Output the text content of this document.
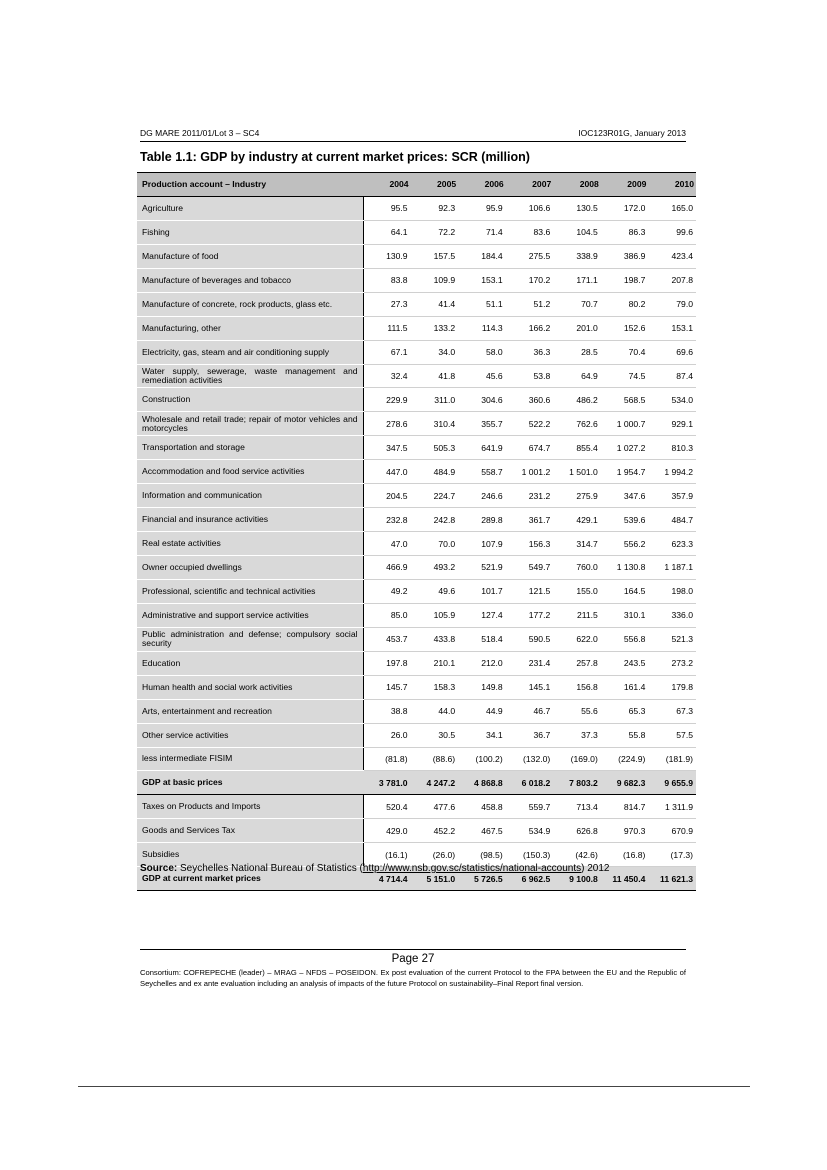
DG MARE 2011/01/Lot 3 – SC4	IOC123R01G, January 2013
Table 1.1: GDP by industry at current market prices: SCR (million)
Production account – Industry	2004	2005	2006	2007	2008	2009	2010
Agriculture	95.5	92.3	95.9	106.6	130.5	172.0	165.0
Fishing	64.1	72.2	71.4	83.6	104.5	86.3	99.6
Manufacture of food	130.9	157.5	184.4	275.5	338.9	386.9	423.4
Manufacture of beverages and tobacco	83.8	109.9	153.1	170.2	171.1	198.7	207.8
Manufacture of concrete, rock products, glass etc.	27.3	41.4	51.1	51.2	70.7	80.2	79.0
Manufacturing, other	111.5	133.2	114.3	166.2	201.0	152.6	153.1
Electricity, gas, steam and air conditioning supply	67.1	34.0	58.0	36.3	28.5	70.4	69.6
Water supply, sewerage, waste management and remediation activities	32.4	41.8	45.6	53.8	64.9	74.5	87.4
Construction	229.9	311.0	304.6	360.6	486.2	568.5	534.0
Wholesale and retail trade; repair of motor vehicles and motorcycles	278.6	310.4	355.7	522.2	762.6	1 000.7	929.1
Transportation and storage	347.5	505.3	641.9	674.7	855.4	1 027.2	810.3
Accommodation and food service activities	447.0	484.9	558.7	1 001.2	1 501.0	1 954.7	1 994.2
Information and communication	204.5	224.7	246.6	231.2	275.9	347.6	357.9
Financial and insurance activities	232.8	242.8	289.8	361.7	429.1	539.6	484.7
Real estate activities	47.0	70.0	107.9	156.3	314.7	556.2	623.3
Owner occupied dwellings	466.9	493.2	521.9	549.7	760.0	1 130.8	1 187.1
Professional, scientific and technical activities	49.2	49.6	101.7	121.5	155.0	164.5	198.0
Administrative and support service activities	85.0	105.9	127.4	177.2	211.5	310.1	336.0
Public administration and defense; compulsory social security	453.7	433.8	518.4	590.5	622.0	556.8	521.3
Education	197.8	210.1	212.0	231.4	257.8	243.5	273.2
Human health and social work activities	145.7	158.3	149.8	145.1	156.8	161.4	179.8
Arts, entertainment and recreation	38.8	44.0	44.9	46.7	55.6	65.3	67.3
Other service activities	26.0	30.5	34.1	36.7	37.3	55.8	57.5
less intermediate FISIM	(81.8)	(88.6)	(100.2)	(132.0)	(169.0)	(224.9)	(181.9)
GDP at basic prices	3 781.0	4 247.2	4 868.8	6 018.2	7 803.2	9 682.3	9 655.9
Taxes on Products and Imports	520.4	477.6	458.8	559.7	713.4	814.7	1 311.9
Goods and Services Tax	429.0	452.2	467.5	534.9	626.8	970.3	670.9
Subsidies	(16.1)	(26.0)	(98.5)	(150.3)	(42.6)	(16.8)	(17.3)
GDP at current market prices	4 714.4	5 151.0	5 726.5	6 962.5	9 100.8	11 450.4	11 621.3
Source: Seychelles National Bureau of Statistics (http://www.nsb.gov.sc/statistics/national-accounts) 2012
Page 27
Consortium: COFREPECHE (leader) – MRAG – NFDS – POSEIDON. Ex post evaluation of the current Protocol to the FPA between the EU and the Republic of Seychelles and ex ante evaluation including an analysis of impacts of the future Protocol on sustainability–Final Report final version.
